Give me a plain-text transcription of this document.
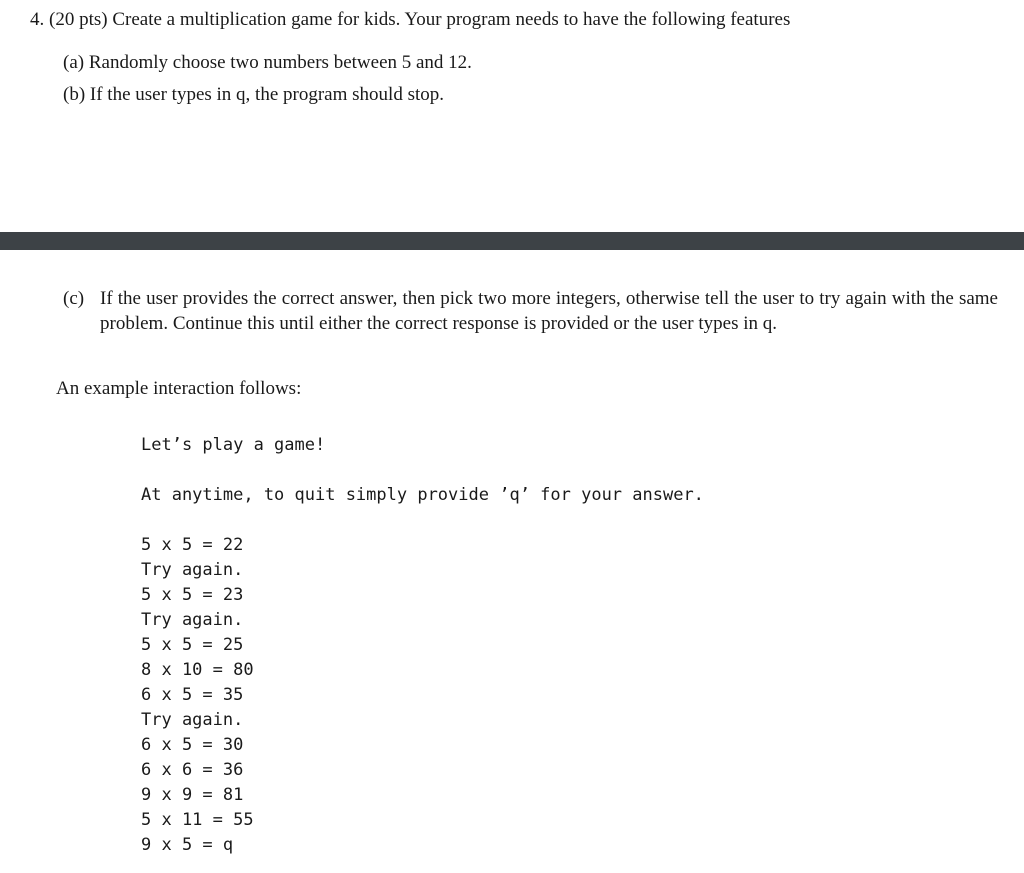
4. (20 pts) Create a multiplication game for kids. Your program needs to have the following features
(a) Randomly choose two numbers between 5 and 12.
(b) If the user types in q, the program should stop.
(c) If the user provides the correct answer, then pick two more integers, otherwise tell the user to try again with the same problem. Continue this until either the correct response is provided or the user types in q.
An example interaction follows:
Let’s play a game!
At anytime, to quit simply provide ’q’ for your answer.
5 x 5 = 22
Try again.
5 x 5 = 23
Try again.
5 x 5 = 25
8 x 10 = 80
6 x 5 = 35
Try again.
6 x 5 = 30
6 x 6 = 36
9 x 9 = 81
5 x 11 = 55
9 x 5 = q
